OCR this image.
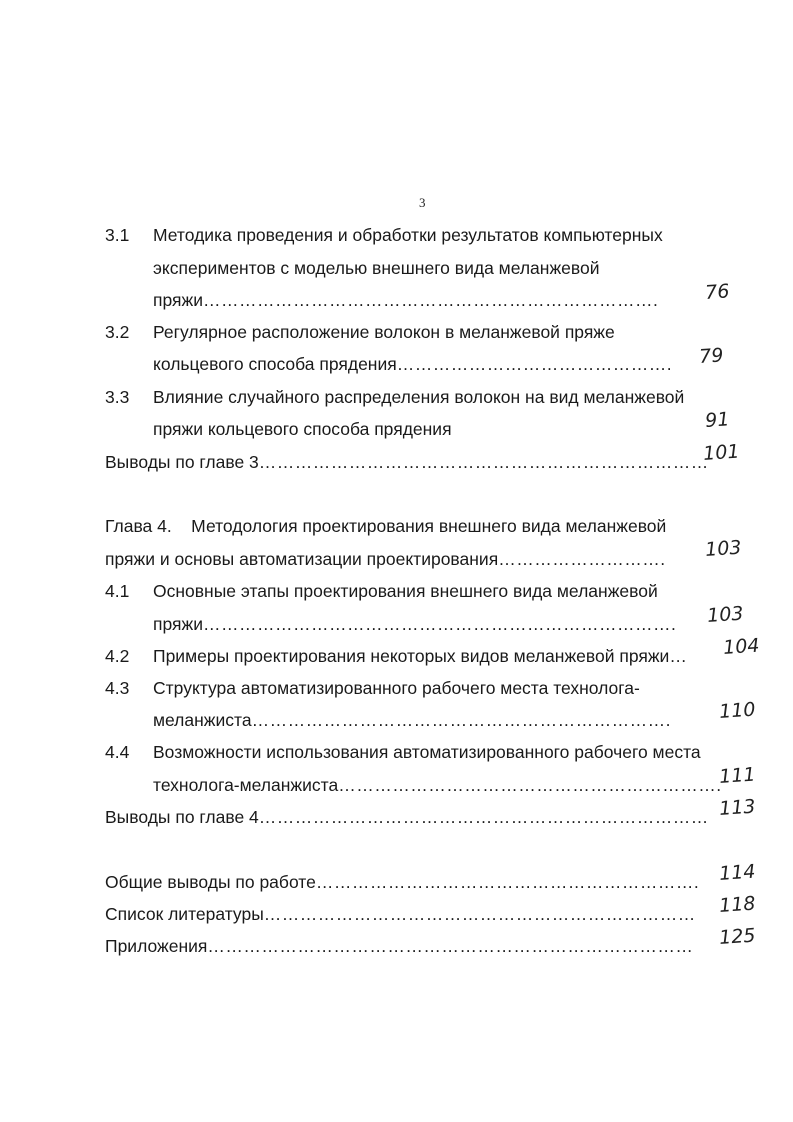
3
3.1 Методика проведения и обработки результатов компьютерных
экспериментов с моделью внешнего вида меланжевой
пряжи…………………………………………………………………. 76
3.2 Регулярное расположение волокон в меланжевой пряже
кольцевого способа прядения………………………………………. 79
3.3 Влияние случайного распределения волокон на вид меланжевой
пряжи кольцевого способа прядения	91
Выводы по главе 3…………………………………………………………………
101
Глава 4.    Методология проектирования внешнего вида меланжевой
пряжи и основы автоматизации проектирования………………………. 103
4.1 Основные этапы проектирования внешнего вида меланжевой
пряжи……………………………………………………………………. 103
4.2 Примеры проектирования некоторых видов меланжевой пряжи… 104
4.3 Структура автоматизированного рабочего места технолога-
меланжиста…………………………………………………………….	110
4.4 Возможности использования автоматизированного рабочего места
технолога-меланжиста……………………………………………………….
111
Выводы по главе 4………………………………………………………………… 113
Общие выводы по работе………………………………………………………. 114
Список литературы……………………………………………………………… 118
Приложения……………………………………………………………………… 125
